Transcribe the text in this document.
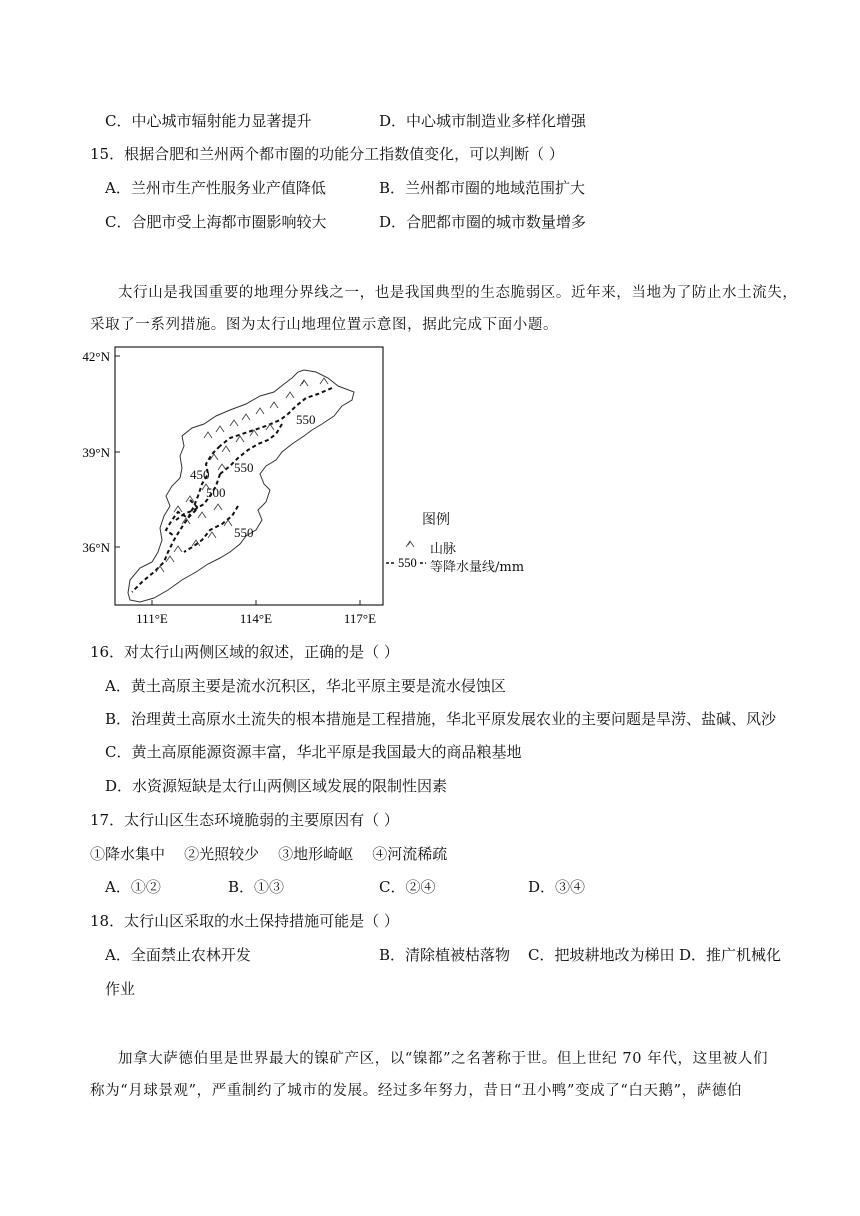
C．中心城市辐射能力显著提升	D．中心城市制造业多样化增强
15．根据合肥和兰州两个都市圈的功能分工指数值变化，可以判断（ ）
A．兰州市生产性服务业产值降低	B．兰州都市圈的地域范围扩大
C．合肥市受上海都市圈影响较大	D．合肥都市圈的城市数量增多
太行山是我国重要的地理分界线之一，也是我国典型的生态脆弱区。近年来，当地为了防止水土流失，
采取了一系列措施。图为太行山地理位置示意图，据此完成下面小题。
42°N
39°N
36°N
111°E	114°E	117°E
550
550
450
500
550
550
图例
山脉
等降水量线/mm
16．对太行山两侧区域的叙述，正确的是（ ）
A．黄土高原主要是流水沉积区，华北平原主要是流水侵蚀区
B．治理黄土高原水土流失的根本措施是工程措施，华北平原发展农业的主要问题是旱涝、盐碱、风沙
C．黄土高原能源资源丰富，华北平原是我国最大的商品粮基地
D．水资源短缺是太行山两侧区域发展的限制性因素
17．太行山区生态环境脆弱的主要原因有（ ）
①降水集中    ②光照较少    ③地形崎岖    ④河流稀疏
A．①②	B．①③	C．②④	D．③④
18．太行山区采取的水土保持措施可能是（ ）
A．全面禁止农林开发	B．清除植被枯落物 C．把坡耕地改为梯田 D．推广机械化
作业
加拿大萨德伯里是世界最大的镍矿产区，以“镍都”之名著称于世。但上世纪 70 年代，这里被人们
称为“月球景观”，严重制约了城市的发展。经过多年努力，昔日“丑小鸭”变成了“白天鹅”，萨德伯
